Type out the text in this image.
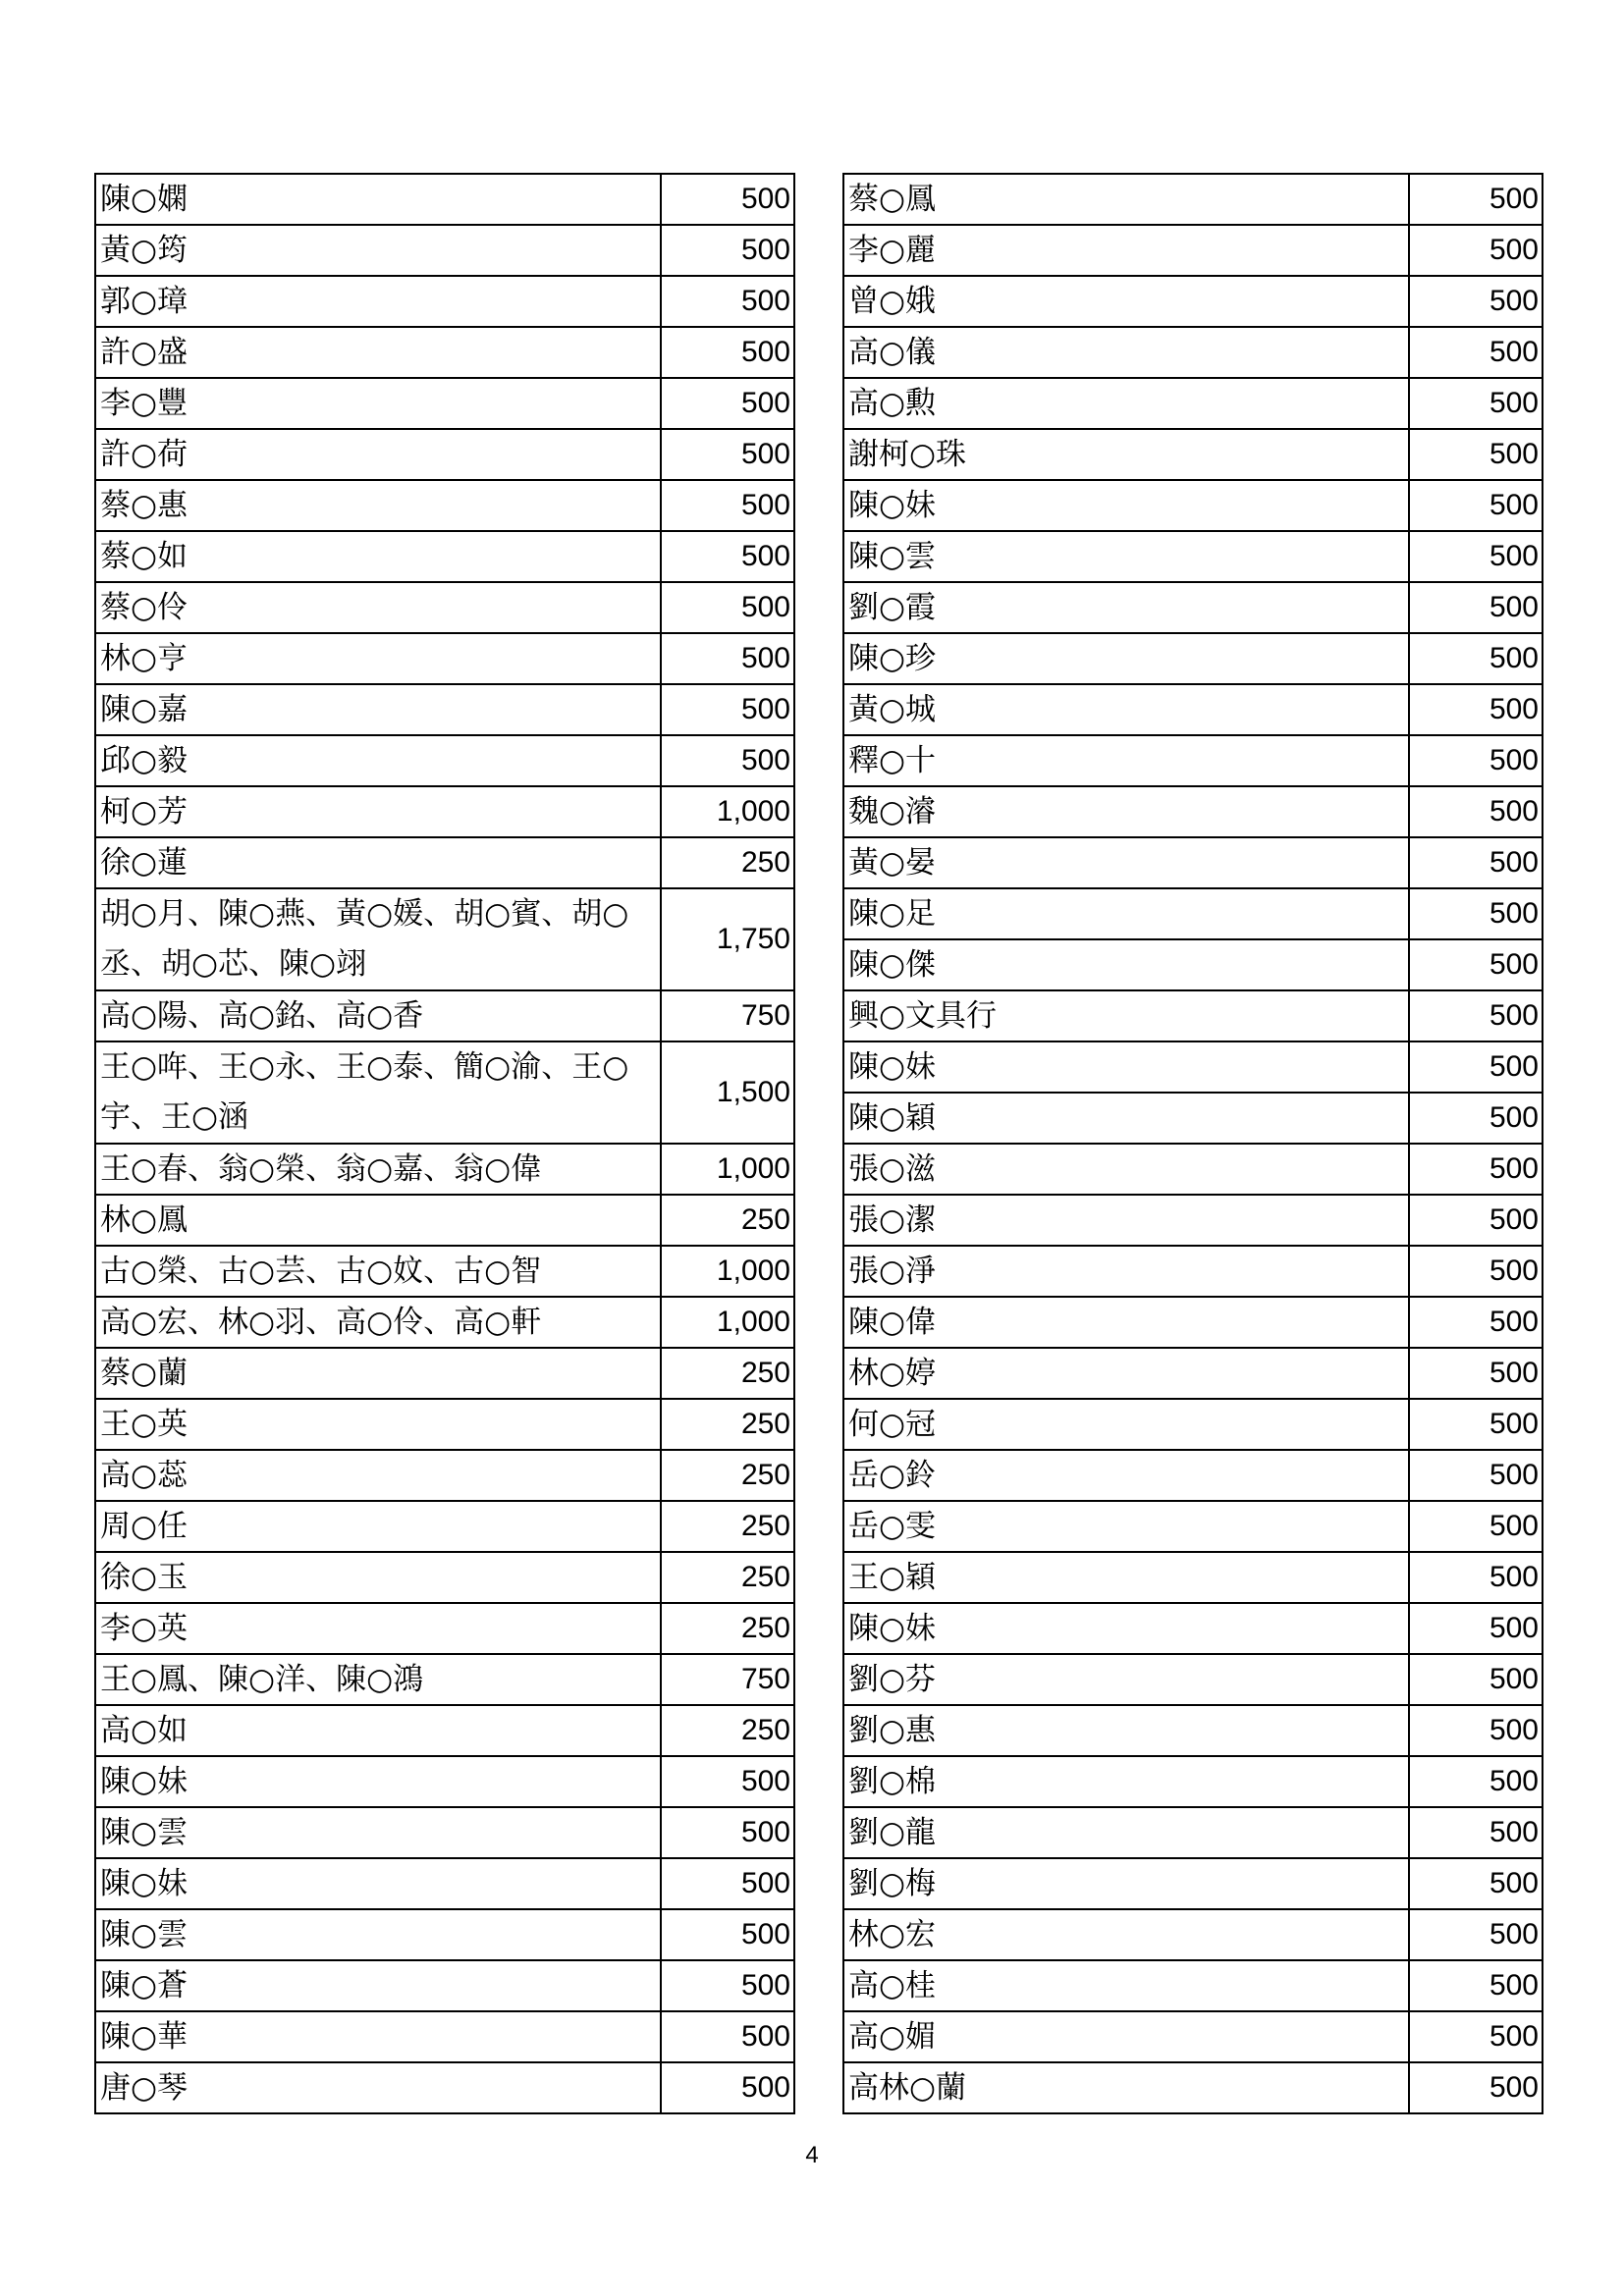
陳○嫻	500
黃○筠	500
郭○璋	500
許○盛	500
李○豐	500
許○荷	500
蔡○惠	500
蔡○如	500
蔡○伶	500
林○亨	500
陳○嘉	500
邱○毅	500
柯○芳	1,000
徐○蓮	250
胡○月、陳○燕、黃○媛、胡○賓、胡○丞、胡○芯、陳○翊	1,750
高○陽、高○銘、高○香	750
王○哖、王○永、王○泰、簡○渝、王○宇、王○涵	1,500
王○春、翁○榮、翁○嘉、翁○偉	1,000
林○鳳	250
古○榮、古○芸、古○妏、古○智	1,000
高○宏、林○羽、高○伶、高○軒	1,000
蔡○蘭	250
王○英	250
高○蕊	250
周○任	250
徐○玉	250
李○英	250
王○鳳、陳○洋、陳○鴻	750
高○如	250
陳○妹	500
陳○雲	500
陳○妹	500
陳○雲	500
陳○蒼	500
陳○華	500
唐○琴	500
蔡○鳳	500
李○麗	500
曾○娥	500
高○儀	500
高○勲	500
謝柯○珠	500
陳○妹	500
陳○雲	500
劉○霞	500
陳○珍	500
黃○城	500
釋○十	500
魏○濬	500
黃○晏	500
陳○足	500
陳○傑	500
興○文具行	500
陳○妹	500
陳○穎	500
張○滋	500
張○潔	500
張○淨	500
陳○偉	500
林○婷	500
何○冠	500
岳○鈴	500
岳○雯	500
王○穎	500
陳○妹	500
劉○芬	500
劉○惠	500
劉○棉	500
劉○龍	500
劉○梅	500
林○宏	500
高○桂	500
高○媚	500
高林○蘭	500
4
